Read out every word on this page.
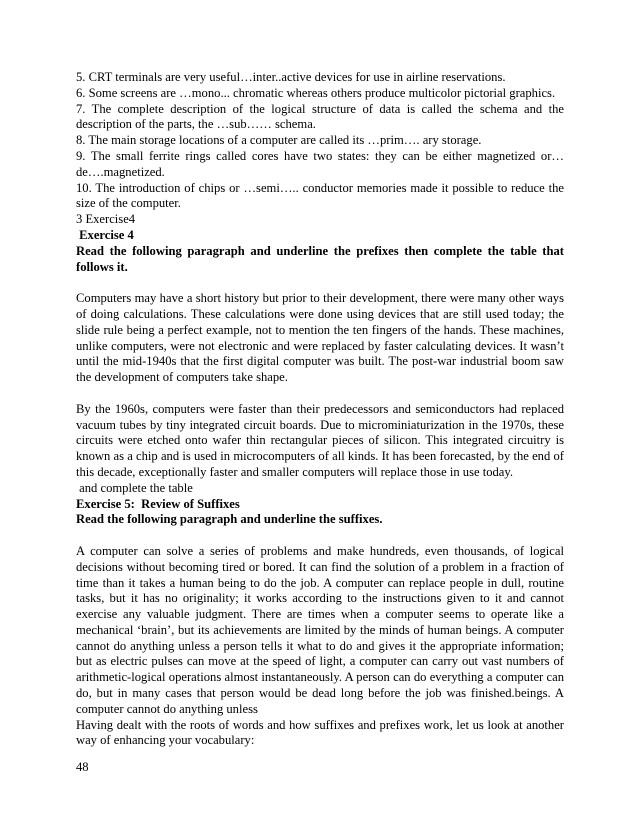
5. CRT terminals are very useful…inter..active devices for use in airline reservations.

6. Some screens are …mono... chromatic whereas others produce multicolor pictorial graphics.

7. The complete description of the logical structure of data is called the schema and the description of the parts, the …sub…… schema.

8. The main storage locations of a computer are called its …prim…. ary storage.

9. The small ferrite rings called cores have two states: they can be either magnetized or…de….magnetized.

10. The introduction of chips or …semi….. conductor memories made it possible to reduce the size of the computer.

3 Exercise4

Exercise 4

Read the following paragraph and underline the prefixes then complete the table that follows it.

Computers may have a short history but prior to their development, there were many other ways of doing calculations. These calculations were done using devices that are still used today; the slide rule being a perfect example, not to mention the ten fingers of the hands. These machines, unlike computers, were not electronic and were replaced by faster calculating devices. It wasn’t until the mid-1940s that the first digital computer was built. The post-war industrial boom saw the development of computers take shape.

By the 1960s, computers were faster than their predecessors and semiconductors had replaced vacuum tubes by tiny integrated circuit boards. Due to microminiaturization in the 1970s, these circuits were etched onto wafer thin rectangular pieces of silicon. This integrated circuitry is known as a chip and is used in microcomputers of all kinds. It has been forecasted, by the end of this decade, exceptionally faster and smaller computers will replace those in use today.

and complete the table

Exercise 5:  Review of Suffixes

Read the following paragraph and underline the suffixes.

A computer can solve a series of problems and make hundreds, even thousands, of logical decisions without becoming tired or bored. It can find the solution of a problem in a fraction of time than it takes a human being to do the job. A computer can replace people in dull, routine tasks, but it has no originality; it works according to the instructions given to it and cannot exercise any valuable judgment. There are times when a computer seems to operate like a mechanical ‘brain’, but its achievements are limited by the minds of human beings. A computer cannot do anything unless a person tells it what to do and gives it the appropriate information; but as electric pulses can move at the speed of light, a computer can carry out vast numbers of arithmetic-logical operations almost instantaneously. A person can do everything a computer can do, but in many cases that person would be dead long before the job was finished.beings. A computer cannot do anything unless

Having dealt with the roots of words and how suffixes and prefixes work, let us look at another way of enhancing your vocabulary:

48
